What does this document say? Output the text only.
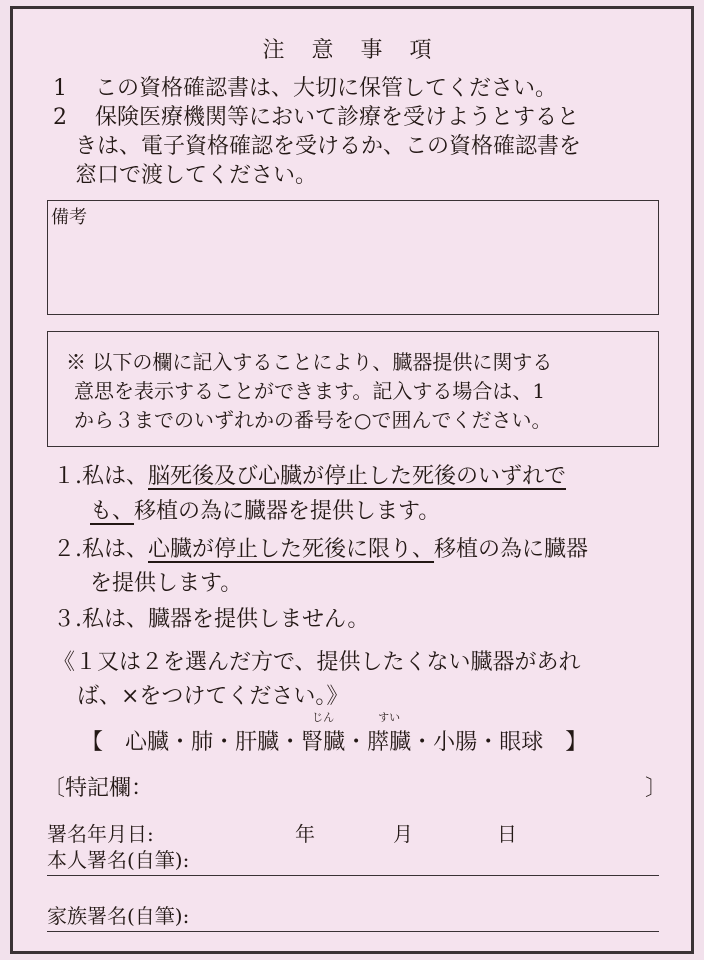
注 意 事 項
1 この資格確認書は、大切に保管してください。
2 保険医療機関等において診療を受けようとすると
きは、電子資格確認を受けるか、この資格確認書を
窓口で渡してください。
備考
※ 以下の欄に記入することにより、臓器提供に関する
意思を表示することができます。記入する場合は、1
から３までのいずれかの番号を○で囲んでください。
１.私は、脳死後及び心臓が停止した死後のいずれで
も、移植の為に臓器を提供します。
２.私は、心臓が停止した死後に限り、移植の為に臓器
を提供します。
３.私は、臓器を提供しません。
《１又は２を選んだ方で、提供したくない臓器があれ
ば、×をつけてください。》
【 心臓・肺・肝臓・腎臓
じん
・膵臓
すい
・小腸・眼球 】
〔特記欄：	〕
署名年月日:	年	月	日
本人署名(自筆):
家族署名(自筆):
